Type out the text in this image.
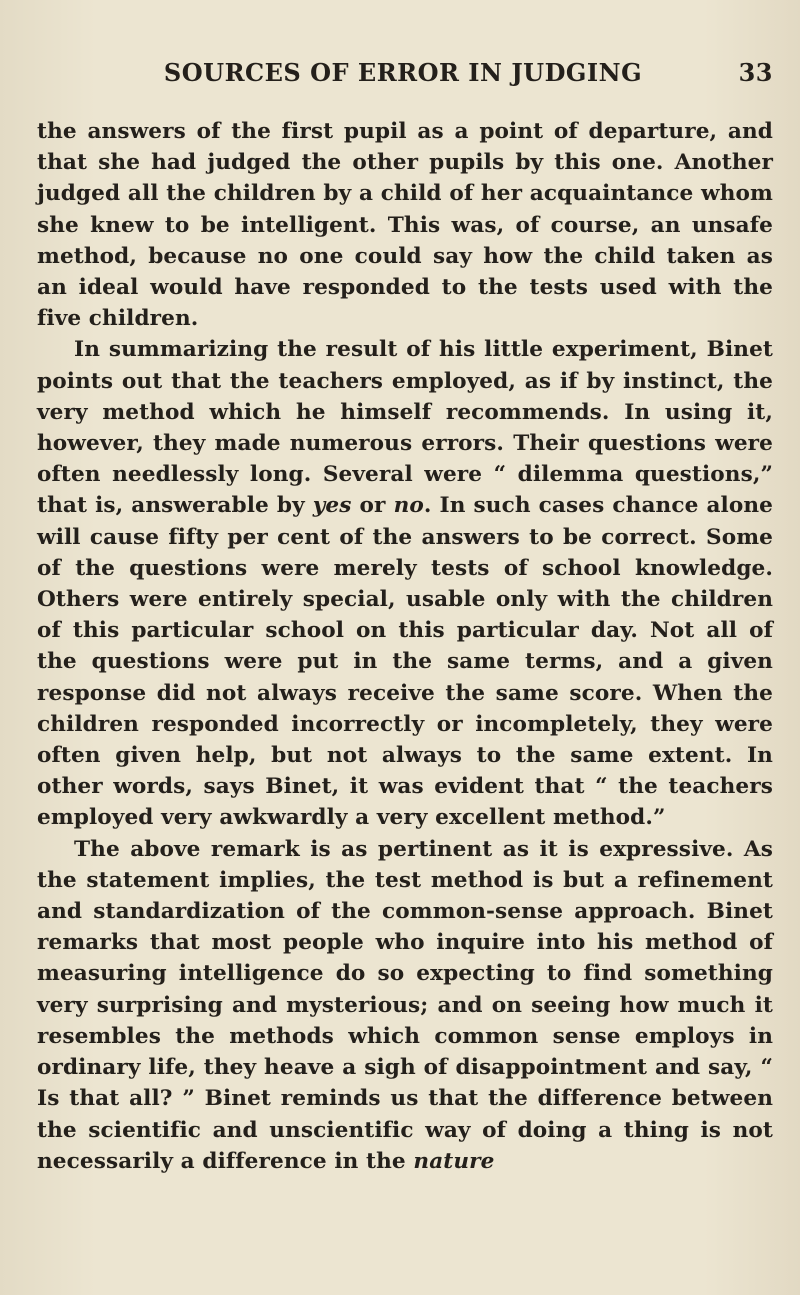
SOURCES OF ERROR IN JUDGING	33

the answers of the first pupil as a point of departure, and that she had judged the other pupils by this one. Another judged all the children by a child of her acquaintance whom she knew to be intelligent. This was, of course, an unsafe method, because no one could say how the child taken as an ideal would have responded to the tests used with the five children.

In summarizing the result of his little experiment, Binet points out that the teachers employed, as if by instinct, the very method which he himself recommends. In using it, however, they made numerous errors. Their questions were often needlessly long. Several were “ dilemma questions,” that is, answerable by yes or no. In such cases chance alone will cause fifty per cent of the answers to be correct. Some of the questions were merely tests of school knowledge. Others were entirely special, usable only with the children of this particular school on this particular day. Not all of the questions were put in the same terms, and a given response did not always receive the same score. When the children responded incorrectly or incompletely, they were often given help, but not always to the same extent. In other words, says Binet, it was evident that “ the teachers employed very awkwardly a very excellent method.”

The above remark is as pertinent as it is expressive. As the statement implies, the test method is but a refinement and standardization of the common-sense approach. Binet remarks that most people who inquire into his method of measuring intelligence do so expecting to find something very surprising and mysterious; and on seeing how much it resembles the methods which common sense employs in ordinary life, they heave a sigh of disappointment and say, “ Is that all? ” Binet reminds us that the difference between the scientific and unscientific way of doing a thing is not necessarily a difference in the nature
